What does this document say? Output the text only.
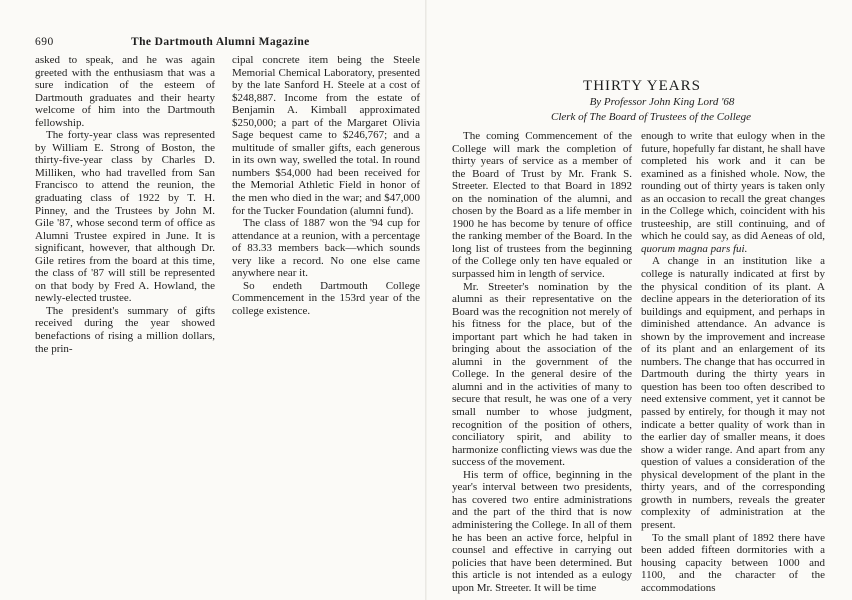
690	The Dartmouth Alumni Magazine

asked to speak, and he was again greeted with the enthusiasm that was a sure indication of the esteem of Dartmouth graduates and their hearty welcome of him into the Dartmouth fellowship.

The forty-year class was represented by William E. Strong of Boston, the thirty-five-year class by Charles D. Milliken, who had travelled from San Francisco to attend the reunion, the graduating class of 1922 by T. H. Pinney, and the Trustees by John M. Gile '87, whose second term of office as Alumni Trustee expired in June. It is significant, however, that although Dr. Gile retires from the board at this time, the class of '87 will still be represented on that body by Fred A. Howland, the newly-elected trustee.

The president's summary of gifts received during the year showed benefactions of rising a million dollars, the prin-

cipal concrete item being the Steele Memorial Chemical Laboratory, presented by the late Sanford H. Steele at a cost of $248,887. Income from the estate of Benjamin A. Kimball approximated $250,000; a part of the Margaret Olivia Sage bequest came to $246,767; and a multitude of smaller gifts, each generous in its own way, swelled the total. In round numbers $54,000 had been received for the Memorial Athletic Field in honor of the men who died in the war; and $47,000 for the Tucker Foundation (alumni fund).

The class of 1887 won the '94 cup for attendance at a reunion, with a percentage of 83.33 members back—which sounds very like a record. No one else came anywhere near it.

So endeth Dartmouth College Commencement in the 153rd year of the college existence.

THIRTY YEARS
By Professor John King Lord '68
Clerk of The Board of Trustees of the College

The coming Commencement of the College will mark the completion of thirty years of service as a member of the Board of Trust by Mr. Frank S. Streeter. Elected to that Board in 1892 on the nomination of the alumni, and chosen by the Board as a life member in 1900 he has become by tenure of office the ranking member of the Board. In the long list of trustees from the beginning of the College only ten have equaled or surpassed him in length of service.

Mr. Streeter's nomination by the alumni as their representative on the Board was the recognition not merely of his fitness for the place, but of the important part which he had taken in bringing about the association of the alumni in the government of the College. In the general desire of the alumni and in the activities of many to secure that result, he was one of a very small number to whose judgment, recognition of the position of others, conciliatory spirit, and ability to harmonize conflicting views was due the success of the movement.

His term of office, beginning in the year's interval between two presidents, has covered two entire administrations and the part of the third that is now administering the College. In all of them he has been an active force, helpful in counsel and effective in carrying out policies that have been determined. But this article is not intended as a eulogy upon Mr. Streeter. It will be time

enough to write that eulogy when in the future, hopefully far distant, he shall have completed his work and it can be examined as a finished whole. Now, the rounding out of thirty years is taken only as an occasion to recall the great changes in the College which, coincident with his trusteeship, are still continuing, and of which he could say, as did Aeneas of old, quorum magna pars fui.

A change in an institution like a college is naturally indicated at first by the physical condition of its plant. A decline appears in the deterioration of its buildings and equipment, and perhaps in diminished attendance. An advance is shown by the improvement and increase of its plant and an enlargement of its numbers. The change that has occurred in Dartmouth during the thirty years in question has been too often described to need extensive comment, yet it cannot be passed by entirely, for though it may not indicate a better quality of work than in the earlier day of smaller means, it does show a wider range. And apart from any question of values a consideration of the physical development of the plant in the thirty years, and of the corresponding growth in numbers, reveals the greater complexity of administration at the present.

To the small plant of 1892 there have been added fifteen dormitories with a housing capacity between 1000 and 1100, and the character of the accommodations
